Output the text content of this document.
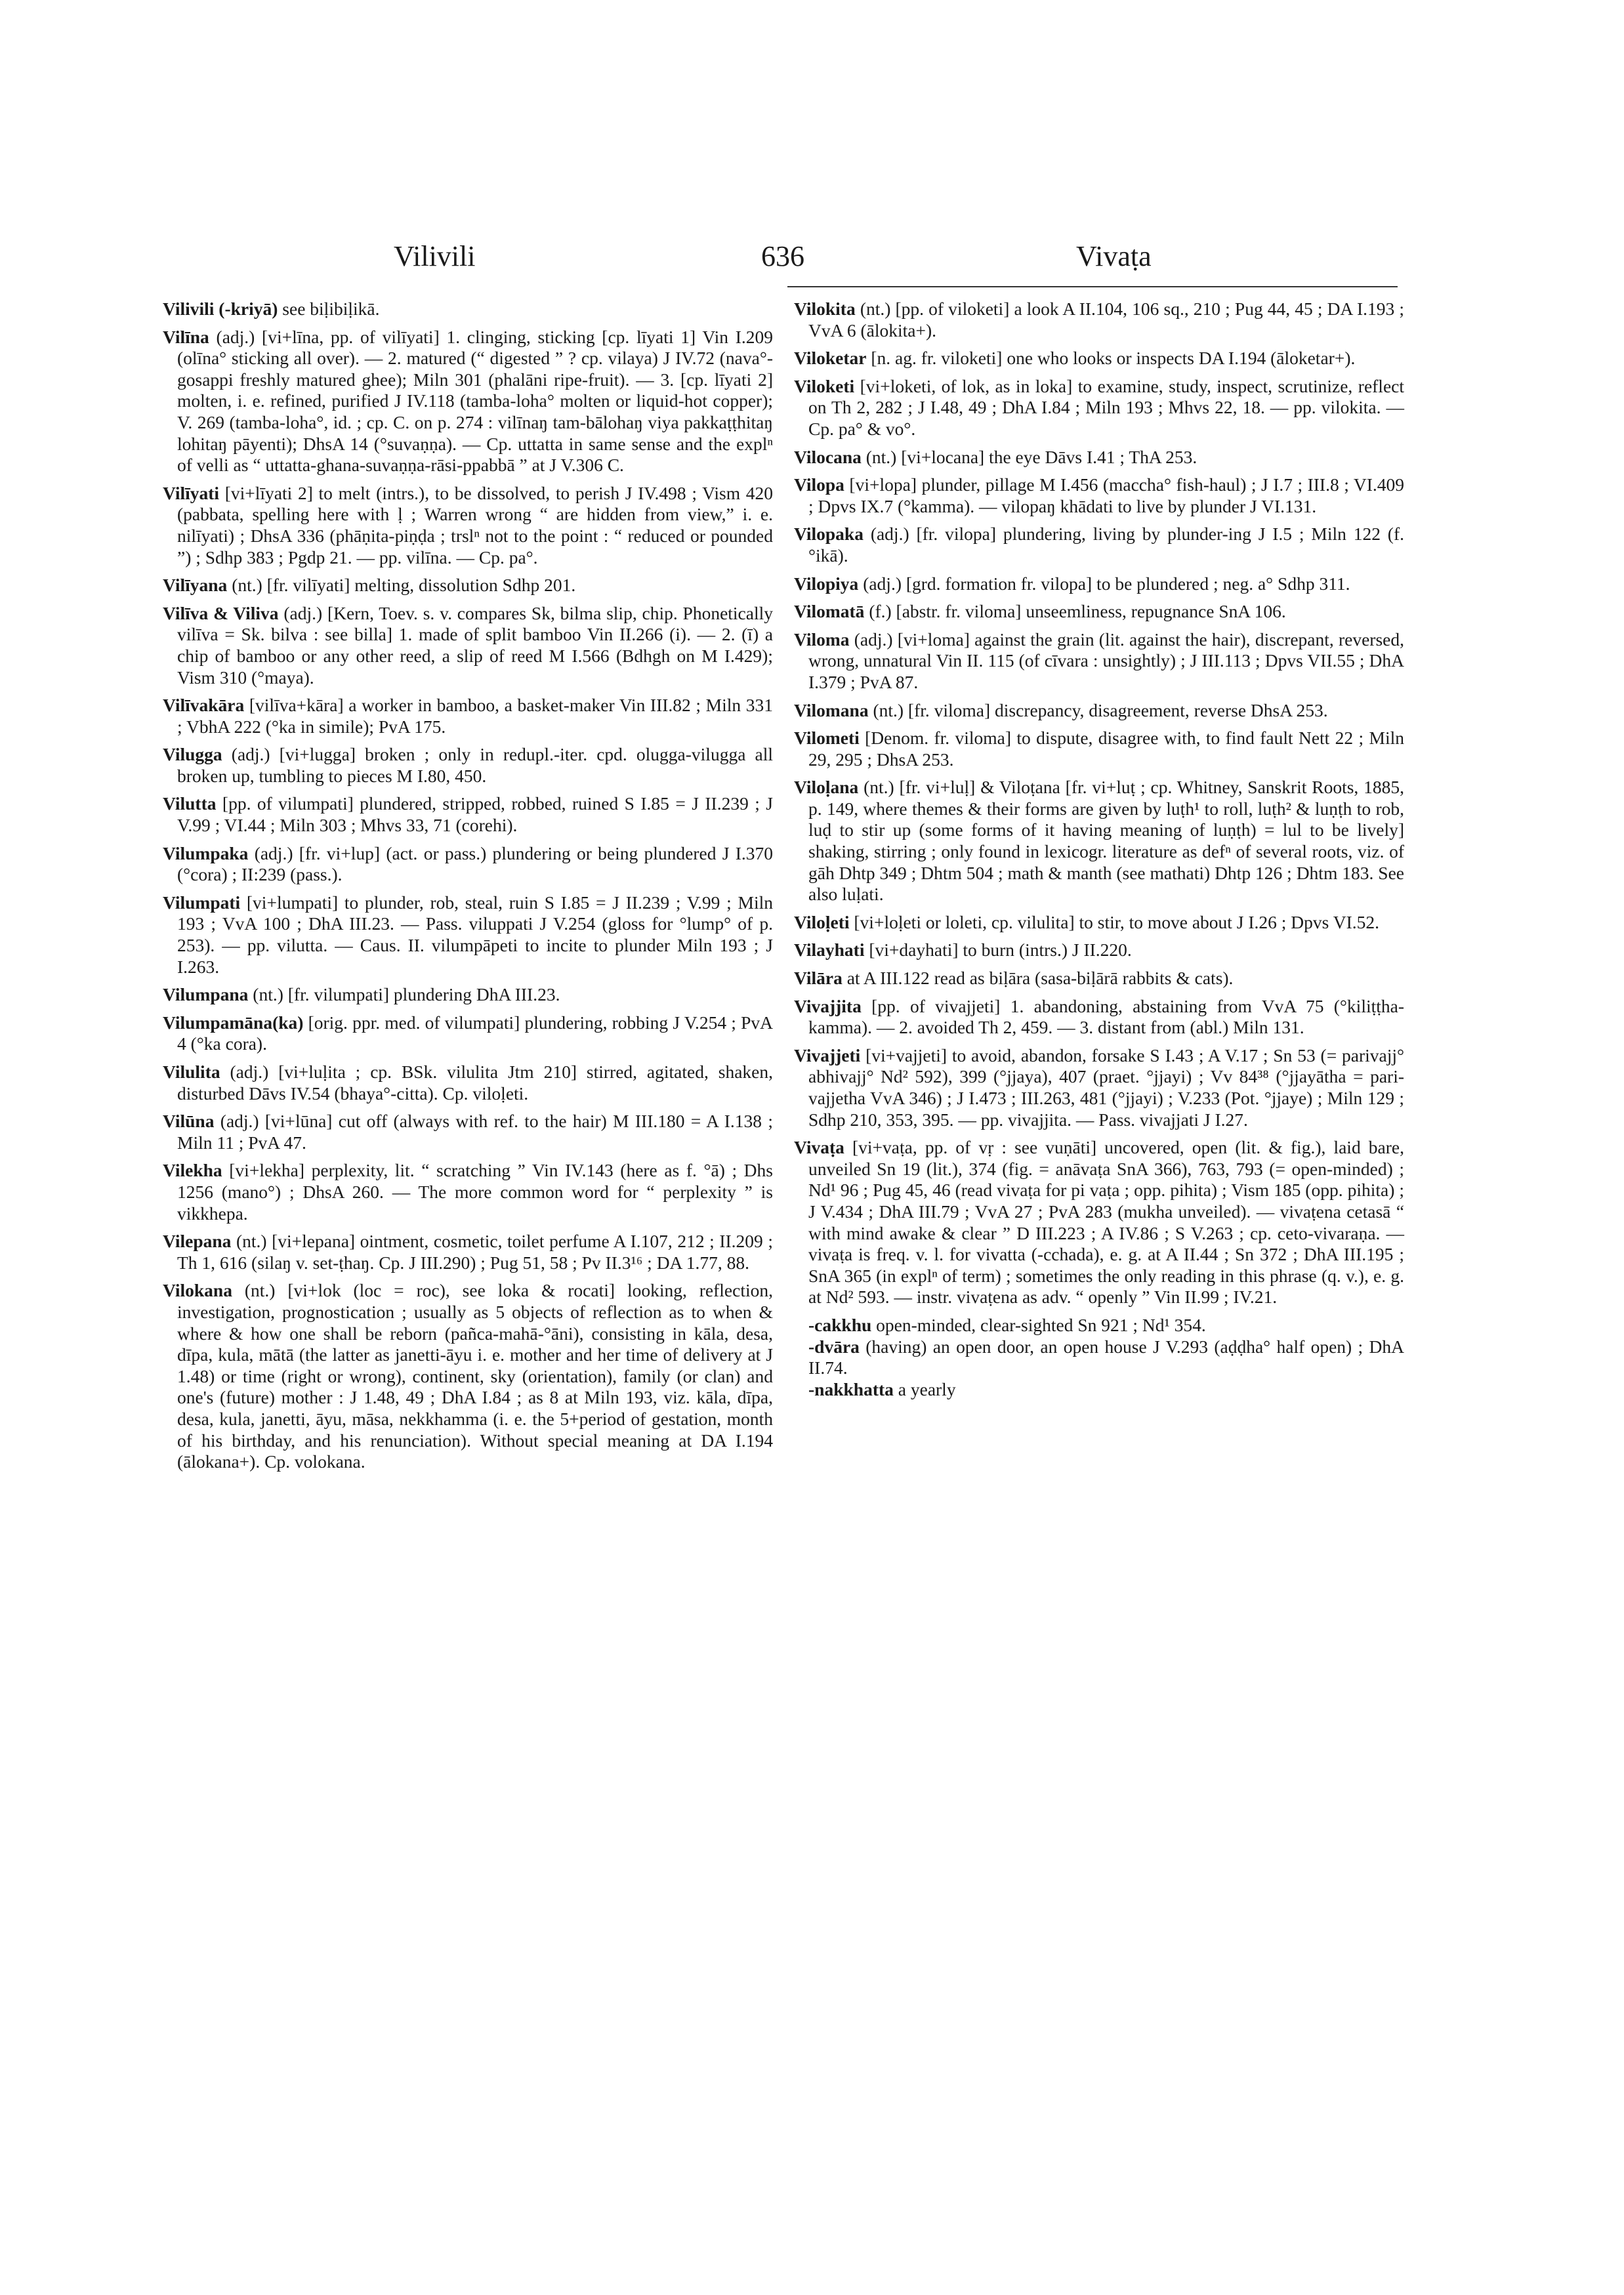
Vilivili	636	Vivaṭa

Vilivili (-kriyā) see biḷibiḷikā.

Vilīna (adj.) [vi+līna, pp. of vilīyati] 1. clinging, sticking [cp. līyati 1] Vin I.209 (olīna° sticking all over). — 2. matured (“ digested ” ? cp. vilaya) J IV.72 (nava°-gosappi freshly matured ghee); Miln 301 (phalāni ripe-fruit). — 3. [cp. līyati 2] molten, i. e. refined, purified J IV.118 (tamba-loha° molten or liquid-hot copper); V. 269 (tamba-loha°, id. ; cp. C. on p. 274 : vilīnaŋ tam-bālohaŋ viya pakkaṭṭhitaŋ lohitaŋ pāyenti); DhsA 14 (°suvaṇṇa). — Cp. uttatta in same sense and the explⁿ of velli as “ uttatta-ghana-suvaṇṇa-rāsi-ppabbā ” at J V.306 C.

Vilīyati [vi+līyati 2] to melt (intrs.), to be dissolved, to perish J IV.498 ; Vism 420 (pabbata, spelling here with ḷ ; Warren wrong “ are hidden from view,” i. e. nilīyati) ; DhsA 336 (phāṇita-piṇḍa ; trslⁿ not to the point : “ reduced or pounded ”) ; Sdhp 383 ; Pgdp 21. — pp. vilīna. — Cp. pa°.

Vilīyana (nt.) [fr. vilīyati] melting, dissolution Sdhp 201.

Vilīva & Viliva (adj.) [Kern, Toev. s. v. compares Sk, bilma slip, chip. Phonetically vilīva = Sk. bilva : see billa] 1. made of split bamboo Vin II.266 (i). — 2. (ī) a chip of bamboo or any other reed, a slip of reed M I.566 (Bdhgh on M I.429); Vism 310 (°maya).

Vilīvakāra [vilīva+kāra] a worker in bamboo, a basket-maker Vin III.82 ; Miln 331 ; VbhA 222 (°ka in simile); PvA 175.

Vilugga (adj.) [vi+lugga] broken ; only in redupl.-iter. cpd. olugga-vilugga all broken up, tumbling to pieces M I.80, 450.

Vilutta [pp. of vilumpati] plundered, stripped, robbed, ruined S I.85 = J II.239 ; J V.99 ; VI.44 ; Miln 303 ; Mhvs 33, 71 (corehi).

Vilumpaka (adj.) [fr. vi+lup] (act. or pass.) plundering or being plundered J I.370 (°cora) ; II:239 (pass.).

Vilumpati [vi+lumpati] to plunder, rob, steal, ruin S I.85 = J II.239 ; V.99 ; Miln 193 ; VvA 100 ; DhA III.23. — Pass. viluppati J V.254 (gloss for °lump° of p. 253). — pp. vilutta. — Caus. II. vilumpāpeti to incite to plunder Miln 193 ; J I.263.

Vilumpana (nt.) [fr. vilumpati] plundering DhA III.23.

Vilumpamāna(ka) [orig. ppr. med. of vilumpati] plundering, robbing J V.254 ; PvA 4 (°ka cora).

Vilulita (adj.) [vi+luḷita ; cp. BSk. vilulita Jtm 210] stirred, agitated, shaken, disturbed Dāvs IV.54 (bhaya°-citta). Cp. viloḷeti.

Vilūna (adj.) [vi+lūna] cut off (always with ref. to the hair) M III.180 = A I.138 ; Miln 11 ; PvA 47.

Vilekha [vi+lekha] perplexity, lit. “ scratching ” Vin IV.143 (here as f. °ā) ; Dhs 1256 (mano°) ; DhsA 260. — The more common word for “ perplexity ” is vikkhepa.

Vilepana (nt.) [vi+lepana] ointment, cosmetic, toilet perfume A I.107, 212 ; II.209 ; Th 1, 616 (silaŋ v. set-ṭhaŋ. Cp. J III.290) ; Pug 51, 58 ; Pv II.3¹⁶ ; DA 1.77, 88.

Vilokana (nt.) [vi+lok (loc = roc), see loka & rocati] looking, reflection, investigation, prognostication ; usually as 5 objects of reflection as to when & where & how one shall be reborn (pañca-mahā-°āni), consisting in kāla, desa, dīpa, kula, mātā (the latter as janetti-āyu i. e. mother and her time of delivery at J 1.48) or time (right or wrong), continent, sky (orientation), family (or clan) and one's (future) mother : J 1.48, 49 ; DhA I.84 ; as 8 at Miln 193, viz. kāla, dīpa, desa, kula, janetti, āyu, māsa, nekkhamma (i. e. the 5+period of gestation, month of his birthday, and his renunciation). Without special meaning at DA I.194 (ālokana+). Cp. volokana.

Vilokita (nt.) [pp. of viloketi] a look A II.104, 106 sq., 210 ; Pug 44, 45 ; DA I.193 ; VvA 6 (ālokita+).

Viloketar [n. ag. fr. viloketi] one who looks or inspects DA I.194 (āloketar+).

Viloketi [vi+loketi, of lok, as in loka] to examine, study, inspect, scrutinize, reflect on Th 2, 282 ; J I.48, 49 ; DhA I.84 ; Miln 193 ; Mhvs 22, 18. — pp. vilokita. — Cp. pa° & vo°.

Vilocana (nt.) [vi+locana] the eye Dāvs I.41 ; ThA 253.

Vilopa [vi+lopa] plunder, pillage M I.456 (maccha° fish-haul) ; J I.7 ; III.8 ; VI.409 ; Dpvs IX.7 (°kamma). — vilopaŋ khādati to live by plunder J VI.131.

Vilopaka (adj.) [fr. vilopa] plundering, living by plunder-ing J I.5 ; Miln 122 (f. °ikā).

Vilopiya (adj.) [grd. formation fr. vilopa] to be plundered ; neg. a° Sdhp 311.

Vilomatā (f.) [abstr. fr. viloma] unseemliness, repugnance SnA 106.

Viloma (adj.) [vi+loma] against the grain (lit. against the hair), discrepant, reversed, wrong, unnatural Vin II. 115 (of cīvara : unsightly) ; J III.113 ; Dpvs VII.55 ; DhA I.379 ; PvA 87.

Vilomana (nt.) [fr. viloma] discrepancy, disagreement, reverse DhsA 253.

Vilometi [Denom. fr. viloma] to dispute, disagree with, to find fault Nett 22 ; Miln 29, 295 ; DhsA 253.

Viloḷana (nt.) [fr. vi+luḷ] & Viloṭana [fr. vi+luṭ ; cp. Whitney, Sanskrit Roots, 1885, p. 149, where themes & their forms are given by luṭh¹ to roll, luṭh² & luṇṭh to rob, luḍ to stir up (some forms of it having meaning of luṇṭh) = lul to be lively] shaking, stirring ; only found in lexicogr. literature as defⁿ of several roots, viz. of gāh Dhtp 349 ; Dhtm 504 ; math & manth (see mathati) Dhtp 126 ; Dhtm 183. See also luḷati.

Viloḷeti [vi+loḷeti or loleti, cp. vilulita] to stir, to move about J I.26 ; Dpvs VI.52.

Vilayhati [vi+dayhati] to burn (intrs.) J II.220.

Vilāra at A III.122 read as biḷāra (sasa-biḷārā rabbits & cats).

Vivajjita [pp. of vivajjeti] 1. abandoning, abstaining from VvA 75 (°kiliṭṭha-kamma). — 2. avoided Th 2, 459. — 3. distant from (abl.) Miln 131.

Vivajjeti [vi+vajjeti] to avoid, abandon, forsake S I.43 ; A V.17 ; Sn 53 (= parivajj° abhivajj° Nd² 592), 399 (°jjaya), 407 (praet. °jjayi) ; Vv 84³⁸ (°jjayātha = pari-vajjetha VvA 346) ; J I.473 ; III.263, 481 (°jjayi) ; V.233 (Pot. °jjaye) ; Miln 129 ; Sdhp 210, 353, 395. — pp. vivajjita. — Pass. vivajjati J I.27.

Vivaṭa [vi+vaṭa, pp. of vṛ : see vuṇāti] uncovered, open (lit. & fig.), laid bare, unveiled Sn 19 (lit.), 374 (fig. = anāvaṭa SnA 366), 763, 793 (= open-minded) ; Nd¹ 96 ; Pug 45, 46 (read vivaṭa for pi vaṭa ; opp. pihita) ; Vism 185 (opp. pihita) ; J V.434 ; DhA III.79 ; VvA 27 ; PvA 283 (mukha unveiled). — vivaṭena cetasā “ with mind awake & clear ” D III.223 ; A IV.86 ; S V.263 ; cp. ceto-vivaraṇa. — vivaṭa is freq. v. l. for vivatta (-cchada), e. g. at A II.44 ; Sn 372 ; DhA III.195 ; SnA 365 (in explⁿ of term) ; sometimes the only reading in this phrase (q. v.), e. g. at Nd² 593. — instr. vivaṭena as adv. “ openly ” Vin II.99 ; IV.21.

-cakkhu open-minded, clear-sighted Sn 921 ; Nd¹ 354.

-dvāra (having) an open door, an open house J V.293 (aḍḍha° half open) ; DhA II.74.

-nakkhatta a yearly
